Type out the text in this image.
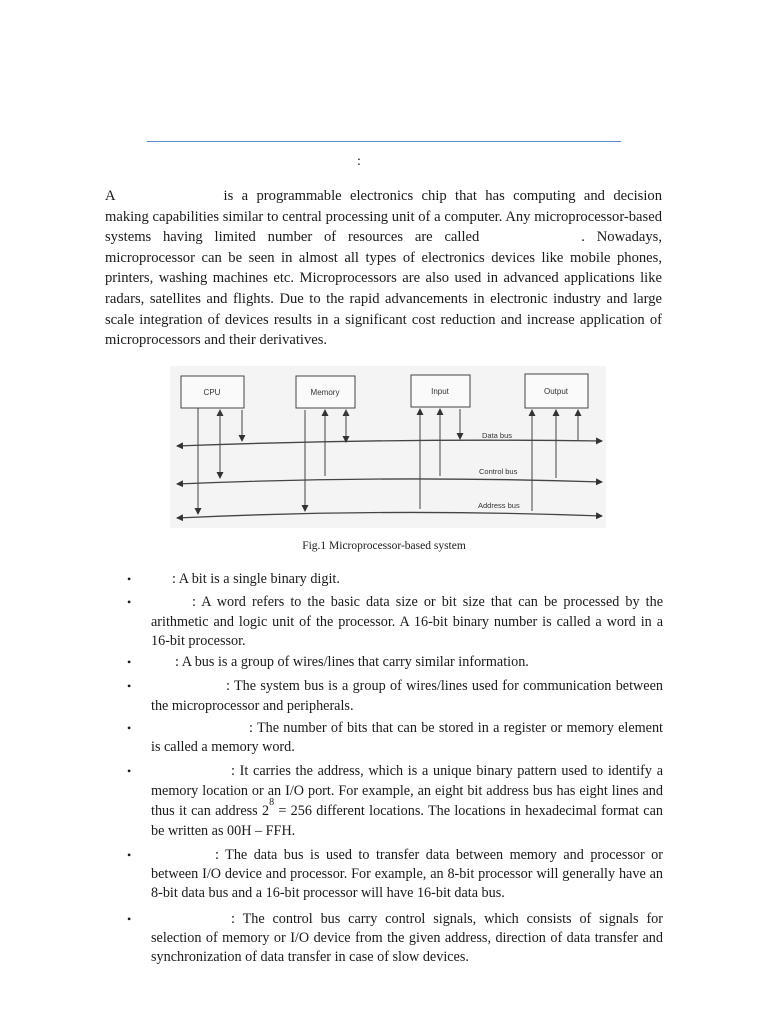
:

A	is a programmable electronics chip that has computing and decision making capabilities similar to central processing unit of a computer. Any microprocessor-based systems having limited number of resources are called	. Nowadays, microprocessor can be seen in almost all types of electronics devices like mobile phones, printers, washing machines etc. Microprocessors are also used in advanced applications like radars, satellites and flights. Due to the rapid advancements in electronic industry and large scale integration of devices results in a significant cost reduction and increase application of microprocessors and their derivatives.

CPU	Memory	Input	Output
Data bus
Control bus
Address bus

Fig.1 Microprocessor-based system

•	: A bit is a single binary digit.
•	: A word refers to the basic data size or bit size that can be processed by the arithmetic and logic unit of the processor. A 16-bit binary number is called a word in a 16-bit processor.
•	: A bus is a group of wires/lines that carry similar information.
•	: The system bus is a group of wires/lines used for communication between the microprocessor and peripherals.
•	: The number of bits that can be stored in a register or memory element is called a memory word.
•	: It carries the address, which is a unique binary pattern used to identify a memory location or an I/O port. For example, an eight bit address bus has eight lines and thus it can address $2^8 = 256$ different locations. The locations in hexadecimal format can be written as 00H – FFH.
•	: The data bus is used to transfer data between memory and processor or between I/O device and processor. For example, an 8-bit processor will generally have an 8-bit data bus and a 16-bit processor will have 16-bit data bus.
•	: The control bus carry control signals, which consists of signals for selection of memory or I/O device from the given address, direction of data transfer and synchronization of data transfer in case of slow devices.
